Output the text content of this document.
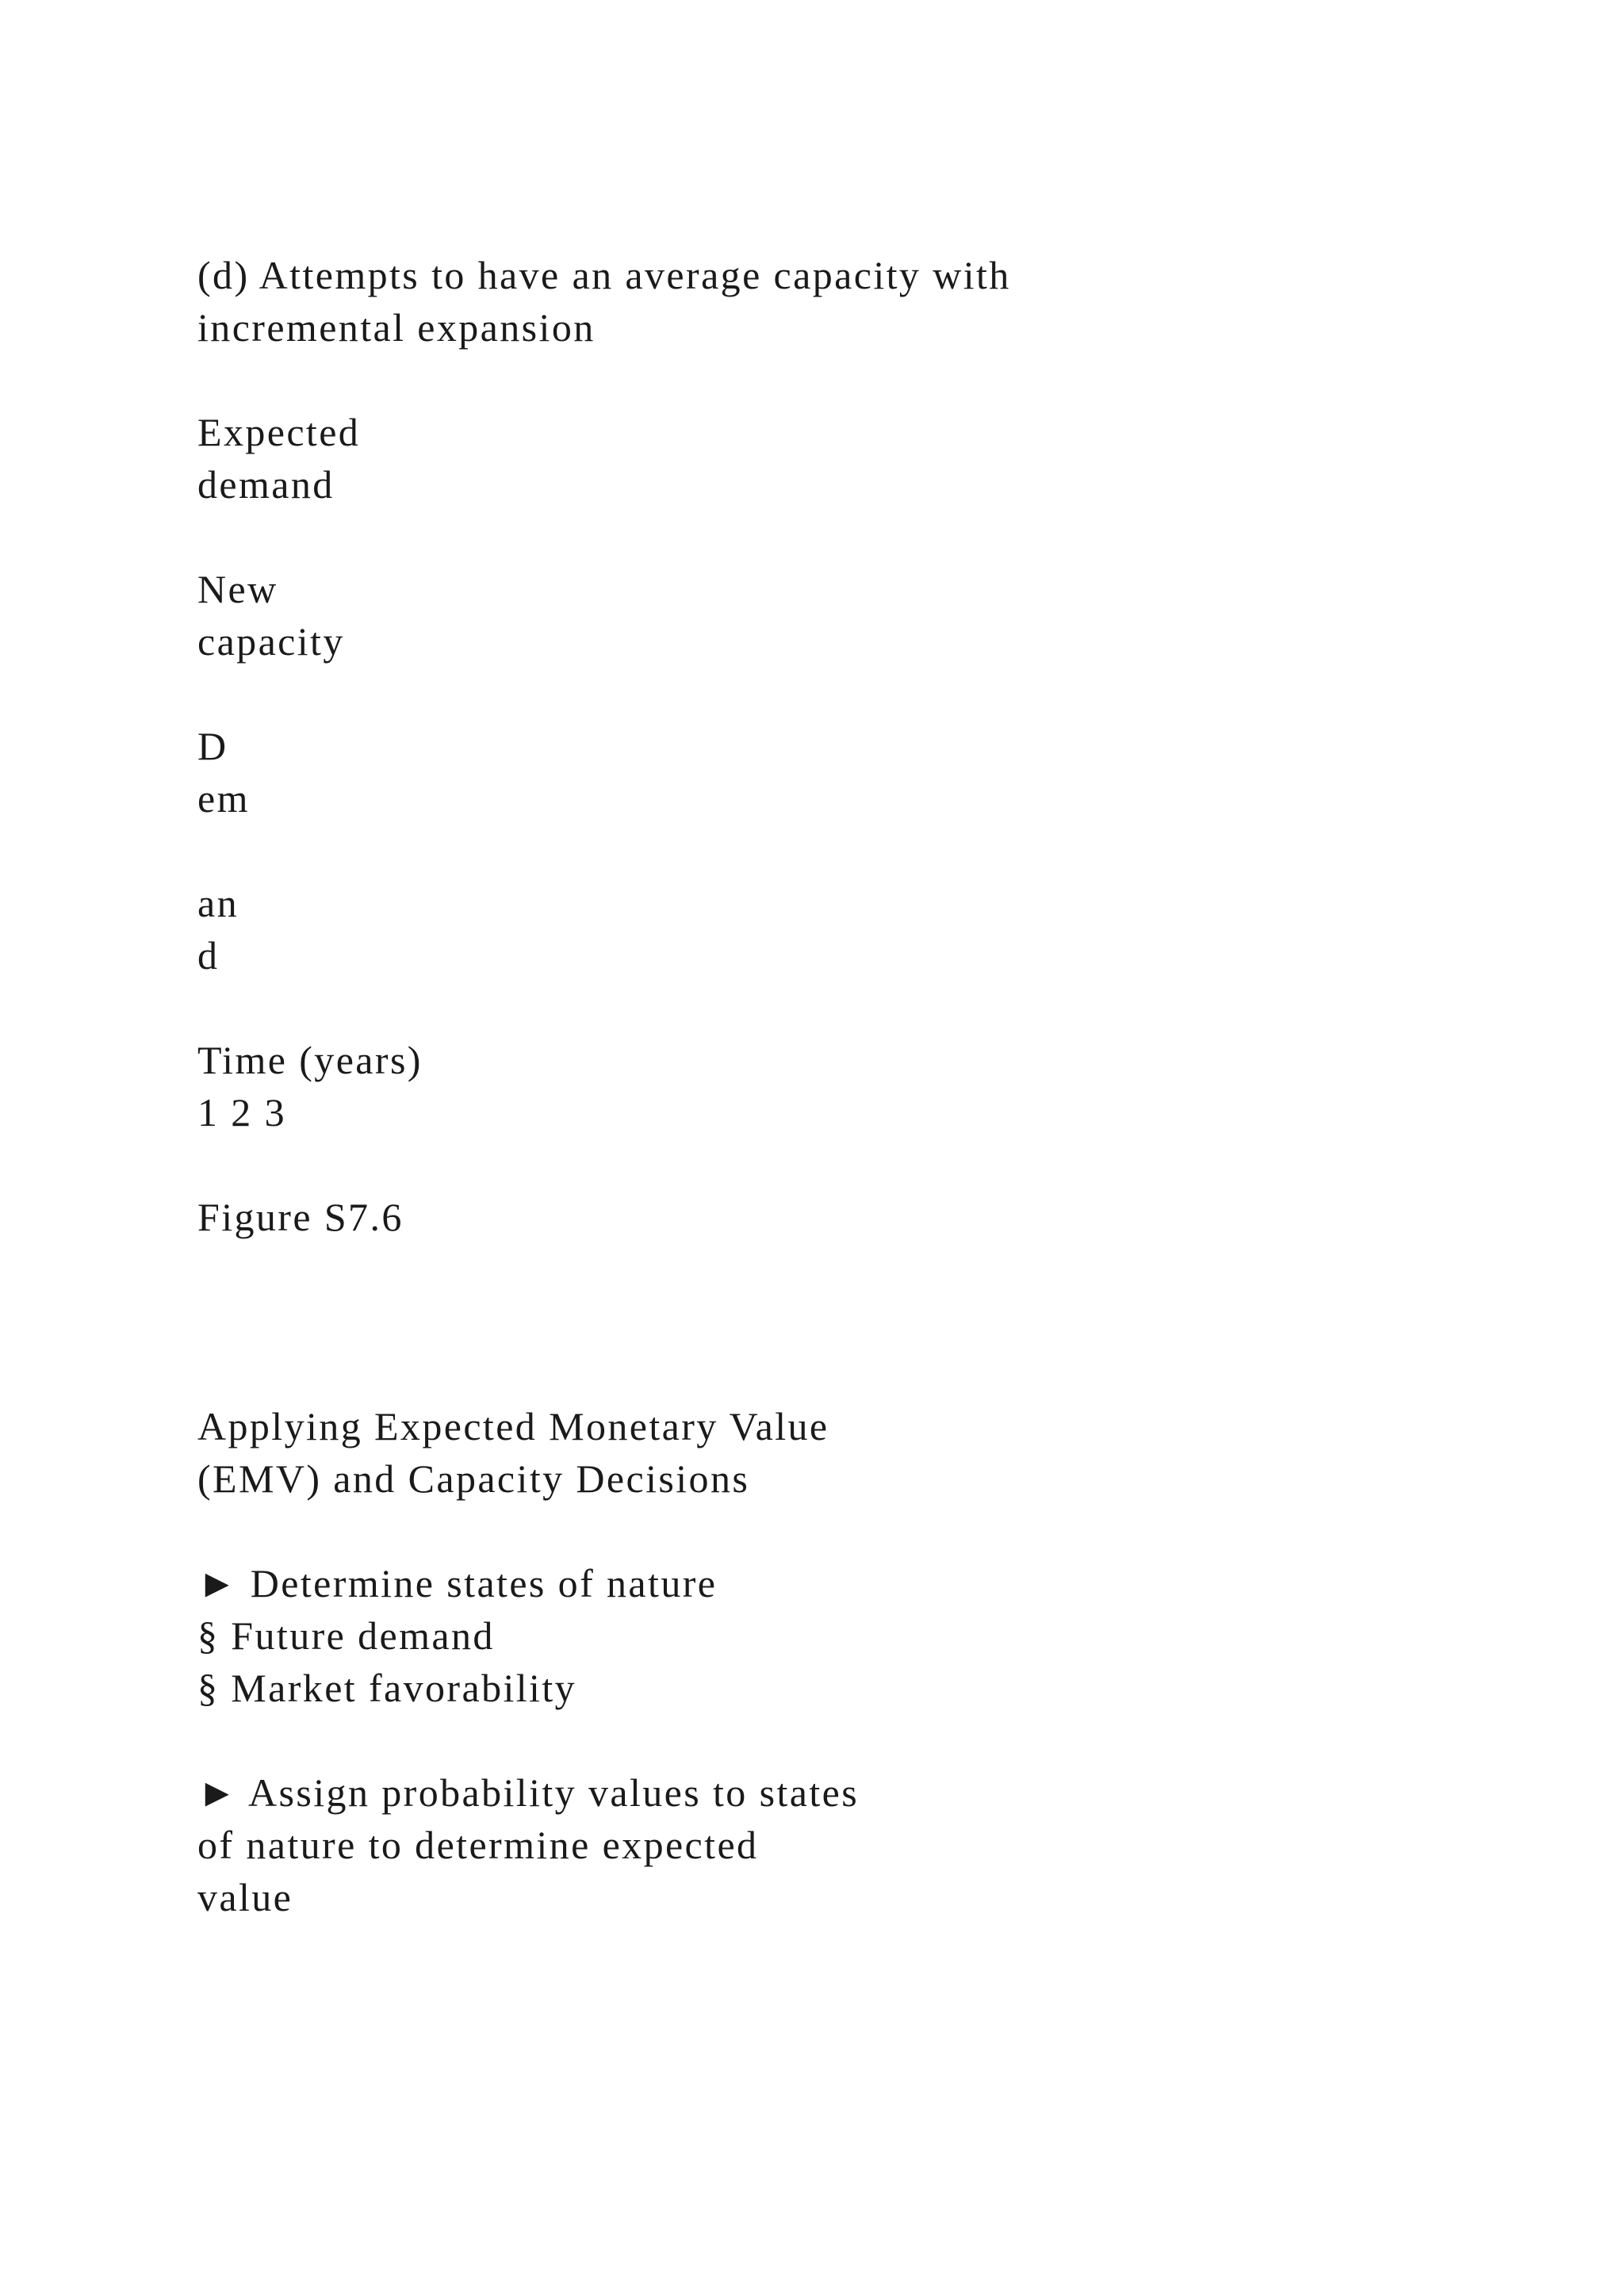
(d) Attempts to have an average capacity with

incremental expansion

Expected

demand

New

capacity

D

em

an

d

Time (years)

1 2 3

Figure S7.6

Applying Expected Monetary Value

(EMV) and Capacity Decisions

► Determine states of nature

§ Future demand

§ Market favorability

► Assign probability values to states

of nature to determine expected

value
